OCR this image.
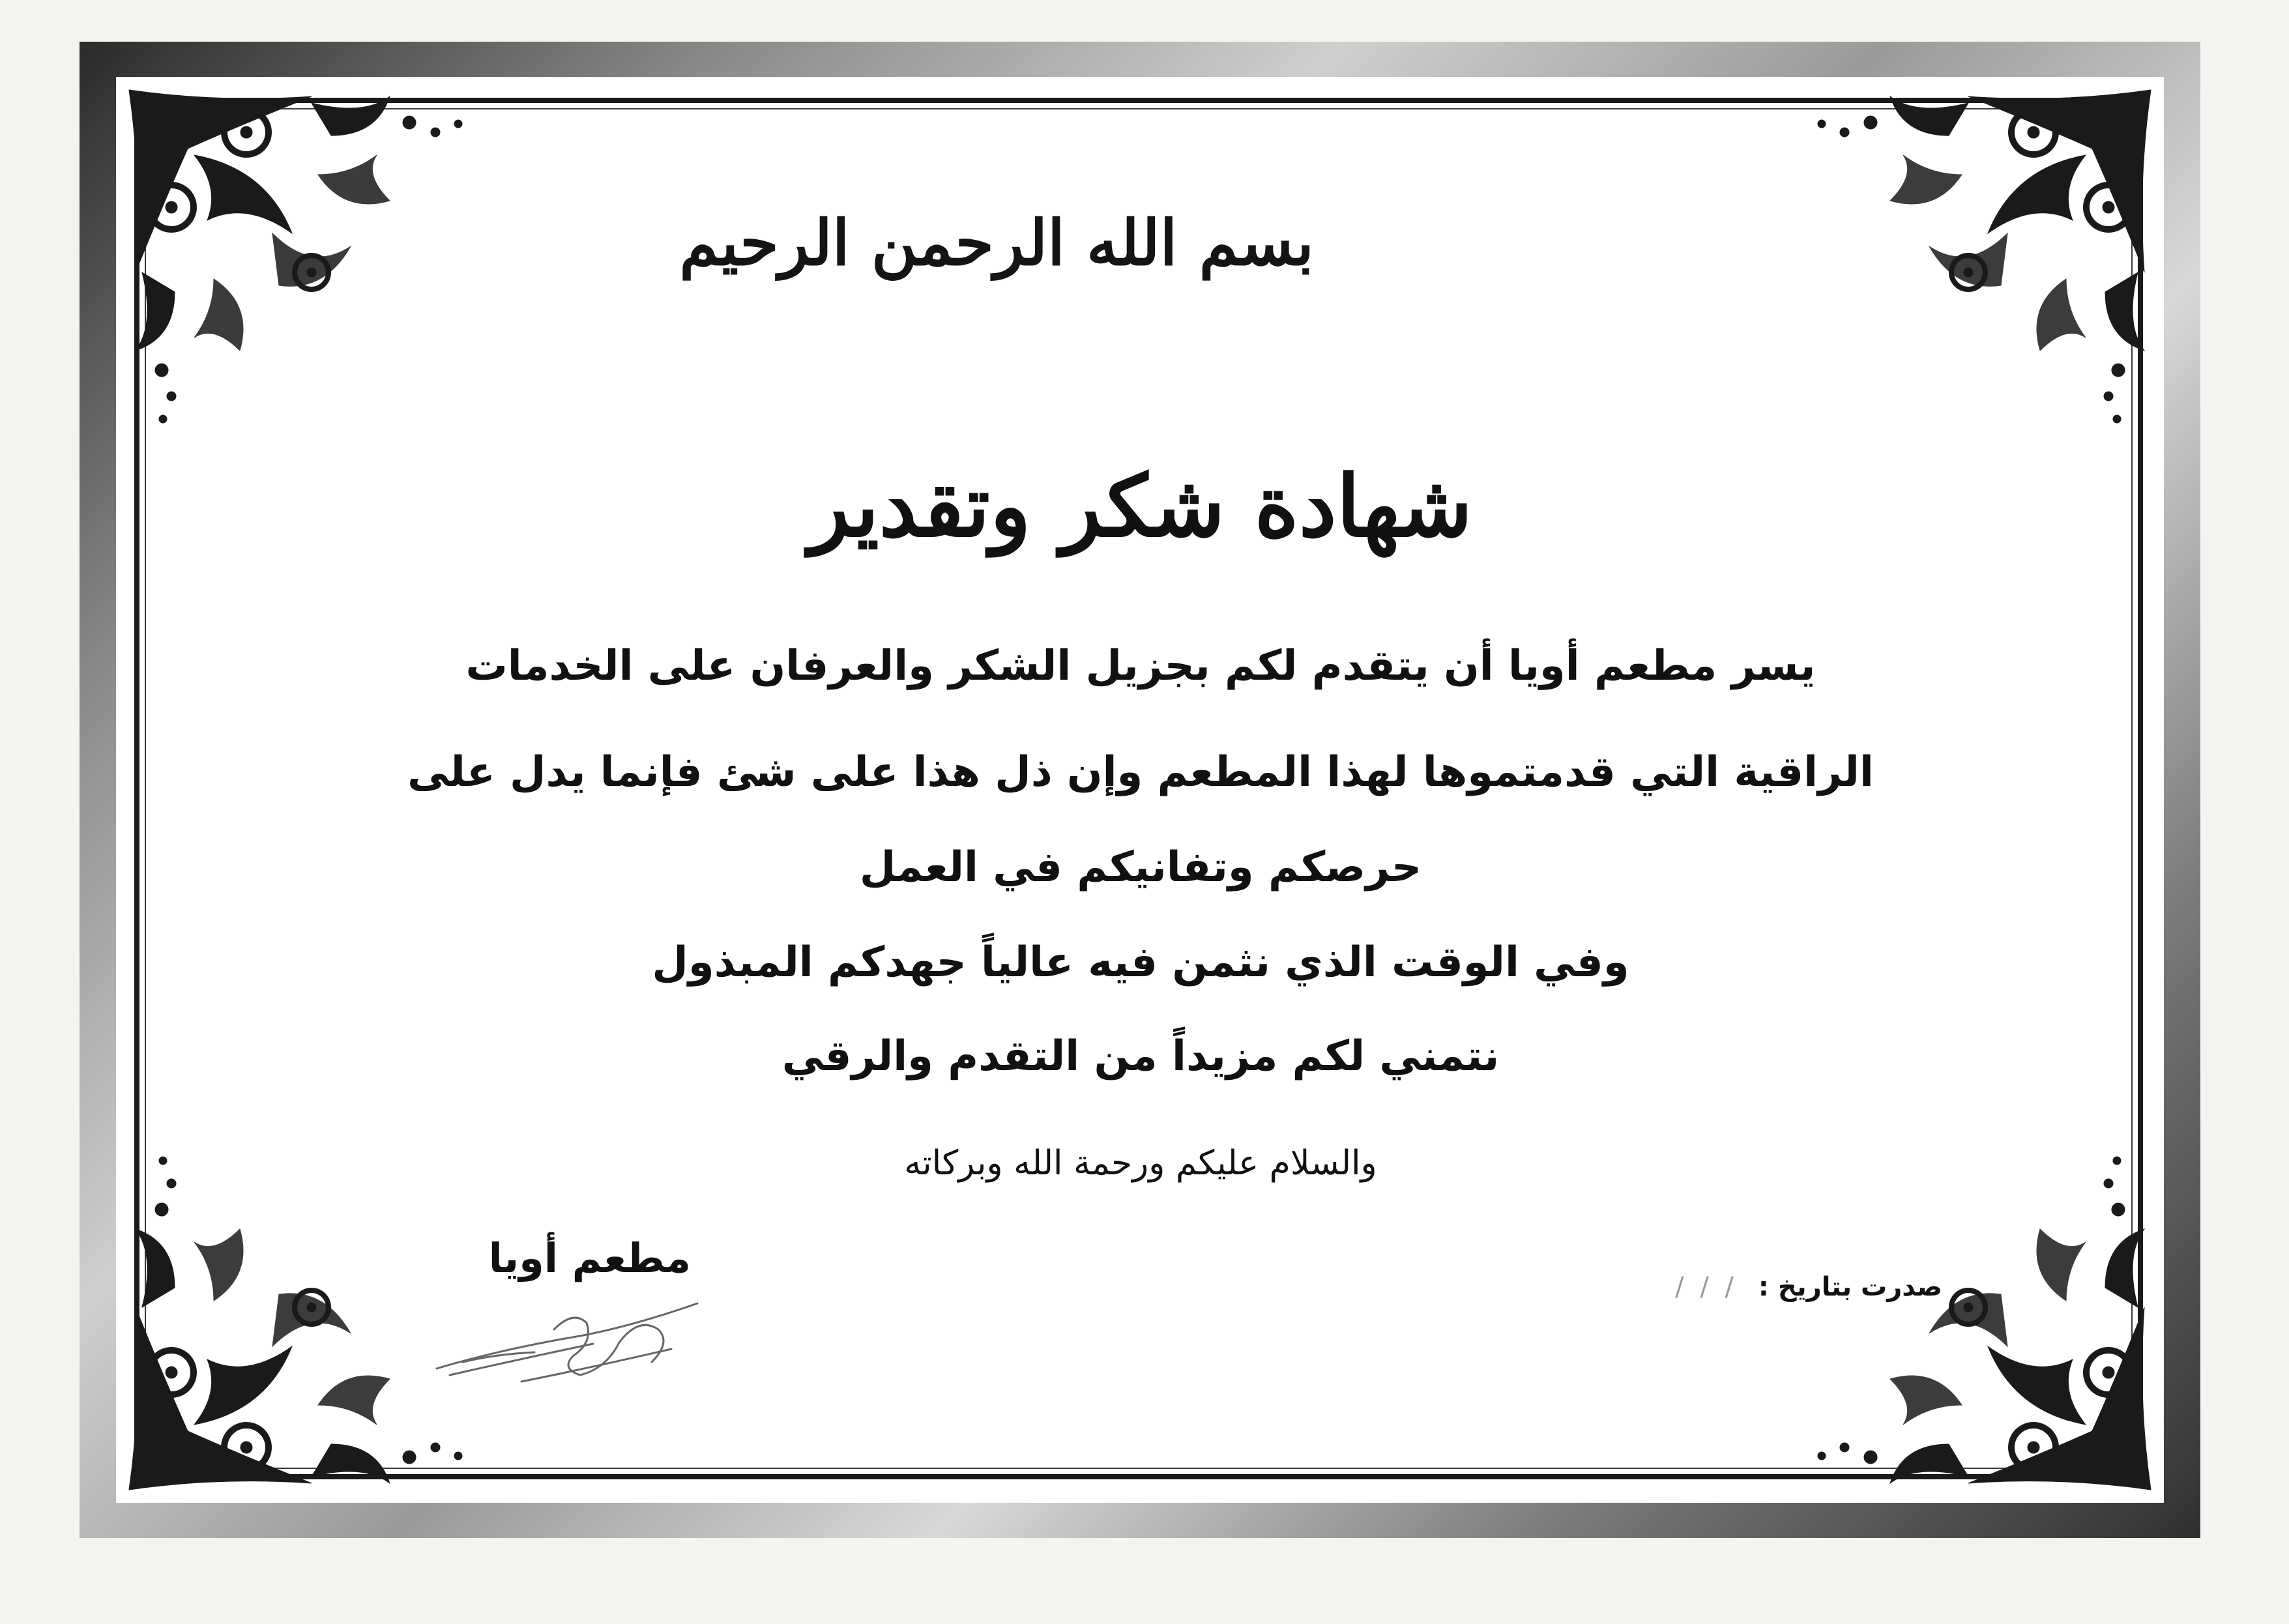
بسم الله الرحمن الرحيم
شهادة شكر وتقدير
يسر مطعم أويا أن يتقدم لكم بجزيل الشكر والعرفان على الخدمات
الراقية التي قدمتموها لهذا المطعم وإن ذل هذا على شئ فإنما يدل على
حرصكم وتفانيكم في العمل
وفي الوقت الذي نثمن فيه عالياً جهدكم المبذول
نتمني لكم مزيداً من التقدم والرقي
والسلام عليكم ورحمة الله وبركاته
مطعم أويا
صدرت بتاريخ : / / /
